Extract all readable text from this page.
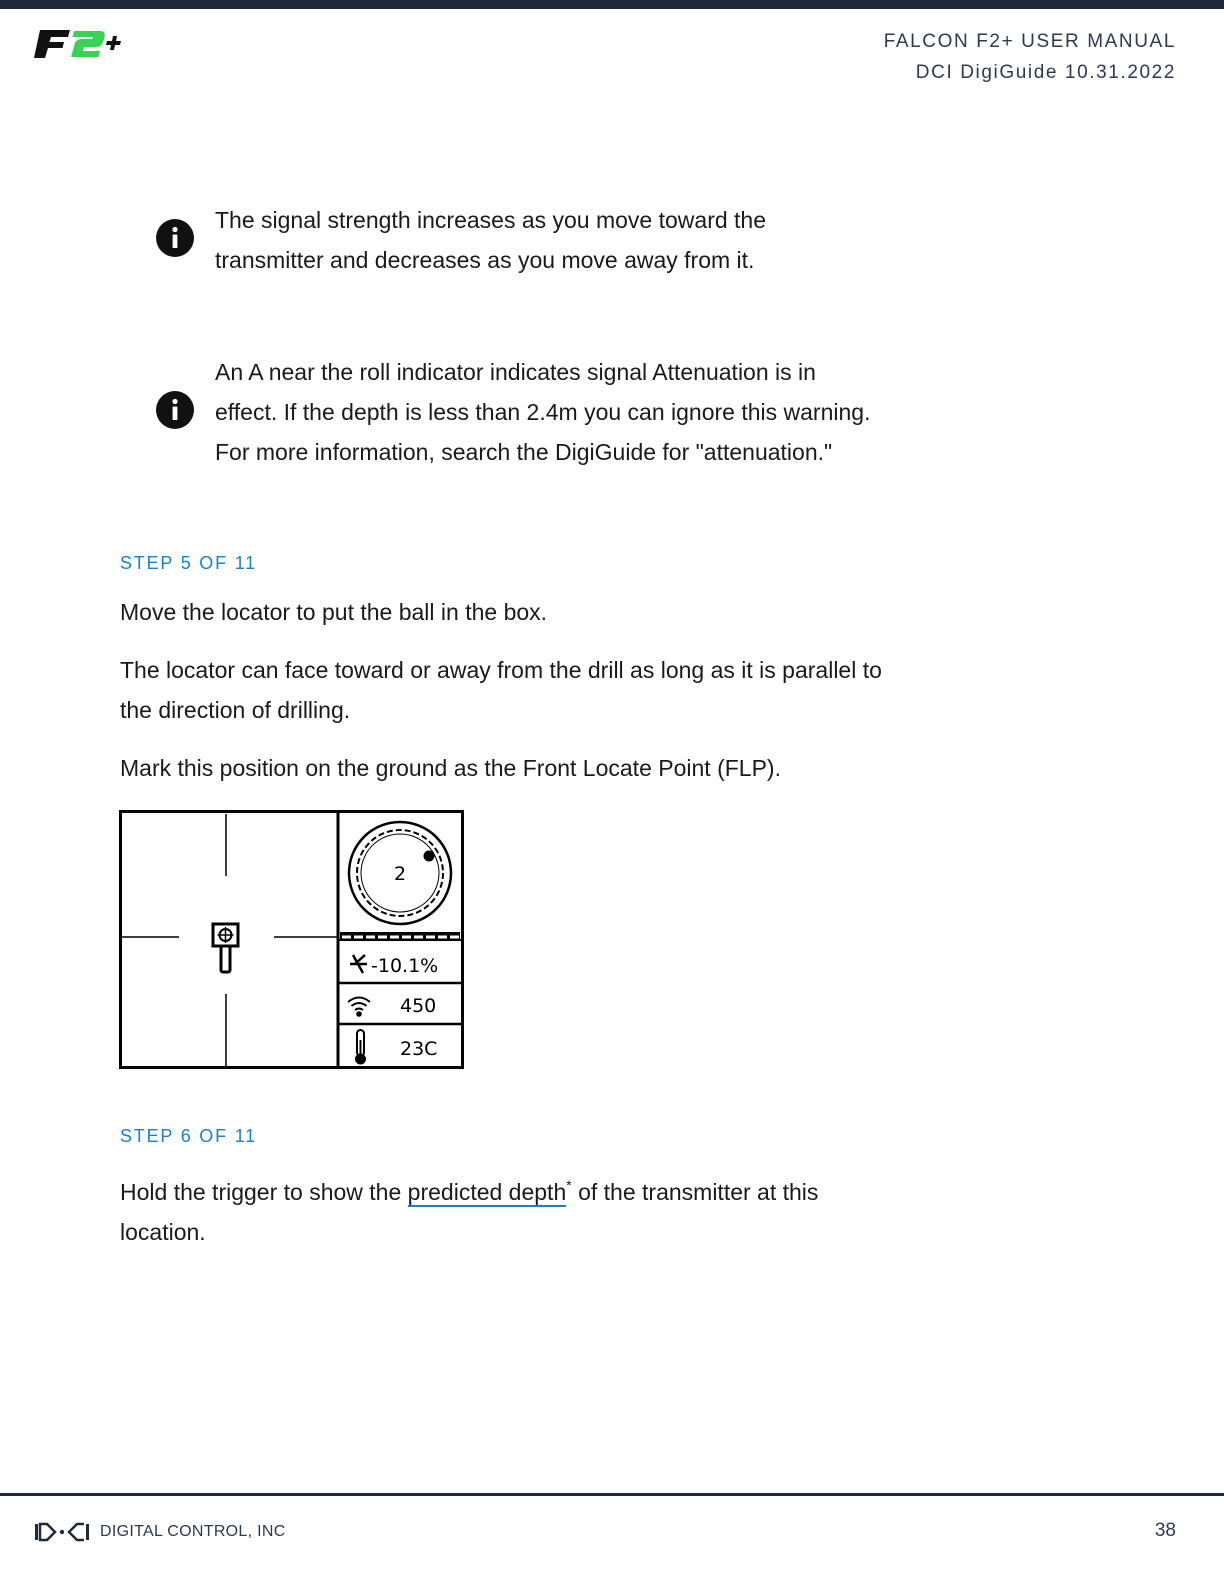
FALCON F2+ USER MANUAL
DCI DigiGuide 10.31.2022
The signal strength increases as you move toward the
transmitter and decreases as you move away from it.
An A near the roll indicator indicates signal Attenuation is in
effect. If the depth is less than 2.4m you can ignore this warning.
For more information, search the DigiGuide for "attenuation."
STEP 5 OF 11

Move the locator to put the ball in the box.

The locator can face toward or away from the drill as long as it is parallel to
the direction of drilling.

Mark this position on the ground as the Front Locate Point (FLP).

2
-10.1%
450
23C
STEP 6 OF 11
Hold the trigger to show the predicted depth* of the transmitter at this
location.
DIGITAL CONTROL, INC	38
